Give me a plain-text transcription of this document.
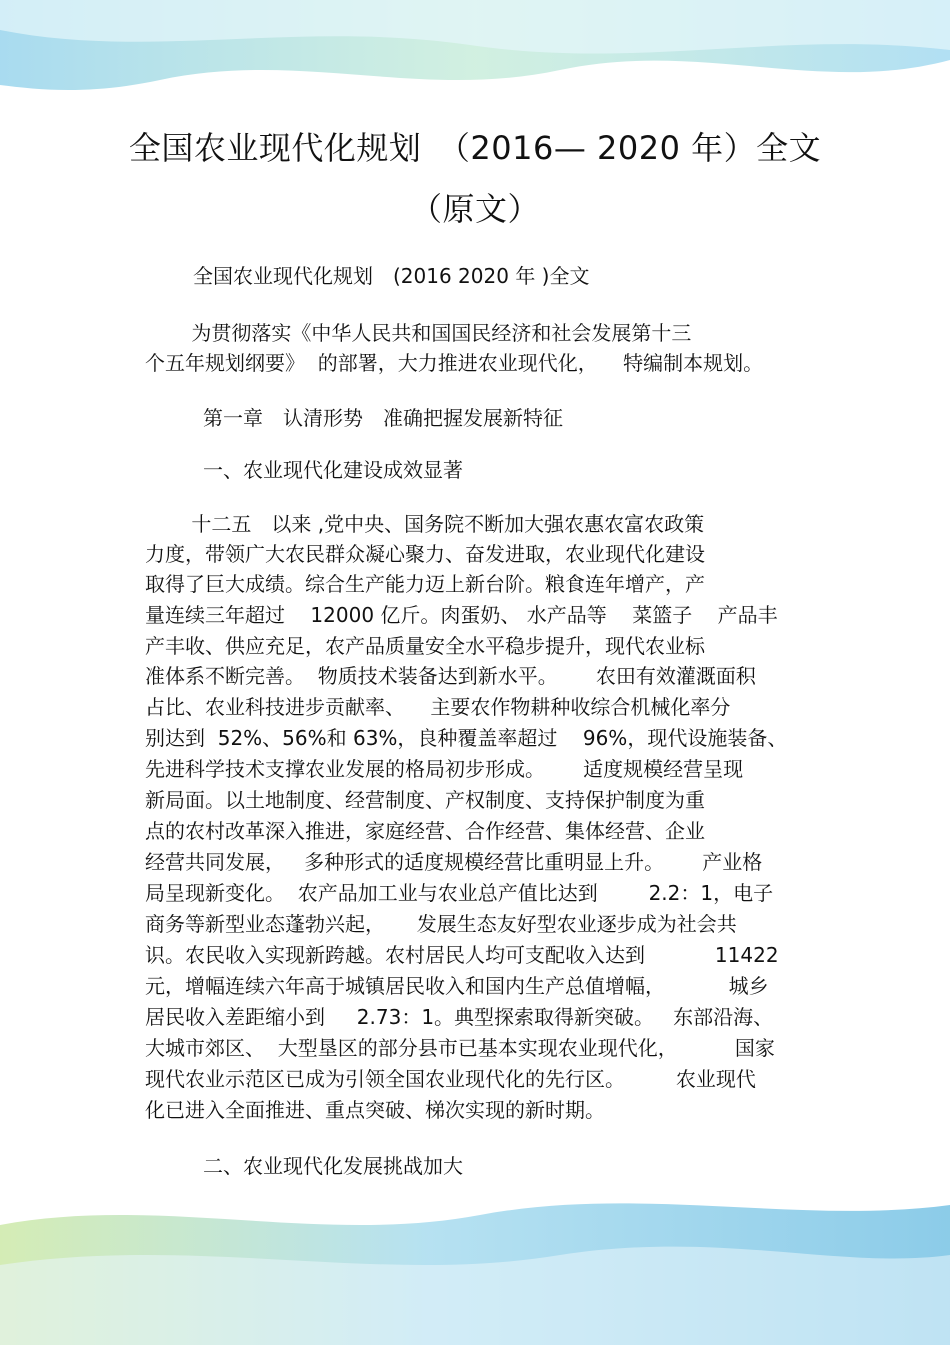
全国农业现代化规划　（2016— 2020 年）全文
（原文）
全国农业现代化规划　(2016 2020 年 )全文
　　 为贯彻落实《中华人民共和国国民经济和社会发展第十三
个五年规划纲要》  的部署，大力推进农业现代化，    特编制本规划。
第一章　认清形势　准确把握发展新特征
一、农业现代化建设成效显著
　　 十二五　以来 ,党中央、国务院不断加大强农惠农富农政策
力度，带领广大农民群众凝心聚力、奋发进取，农业现代化建设
取得了巨大成绩。综合生产能力迈上新台阶。粮食连年增产，产
量连续三年超过    12000 亿斤。肉蛋奶、 水产品等    菜篮子    产品丰
产丰收、供应充足，农产品质量安全水平稳步提升，现代农业标
准体系不断完善。  物质技术装备达到新水平。      农田有效灌溉面积
占比、农业科技进步贡献率、    主要农作物耕种收综合机械化率分
别达到  52%、56%和 63%，良种覆盖率超过    96%，现代设施装备、
先进科学技术支撑农业发展的格局初步形成。      适度规模经营呈现
新局面。以土地制度、经营制度、产权制度、支持保护制度为重
点的农村改革深入推进，家庭经营、合作经营、集体经营、企业
经营共同发展，   多种形式的适度规模经营比重明显上升。      产业格
局呈现新变化。  农产品加工业与农业总产值比达到        2.2：1，电子
商务等新型业态蓬勃兴起，     发展生态友好型农业逐步成为社会共
识。农民收入实现新跨越。农村居民人均可支配收入达到           11422
元，增幅连续六年高于城镇居民收入和国内生产总值增幅，          城乡
居民收入差距缩小到     2.73：1。典型探索取得新突破。   东部沿海、
大城市郊区、  大型垦区的部分县市已基本实现农业现代化，         国家
现代农业示范区已成为引领全国农业现代化的先行区。        农业现代
化已进入全面推进、重点突破、梯次实现的新时期。
二、农业现代化发展挑战加大
